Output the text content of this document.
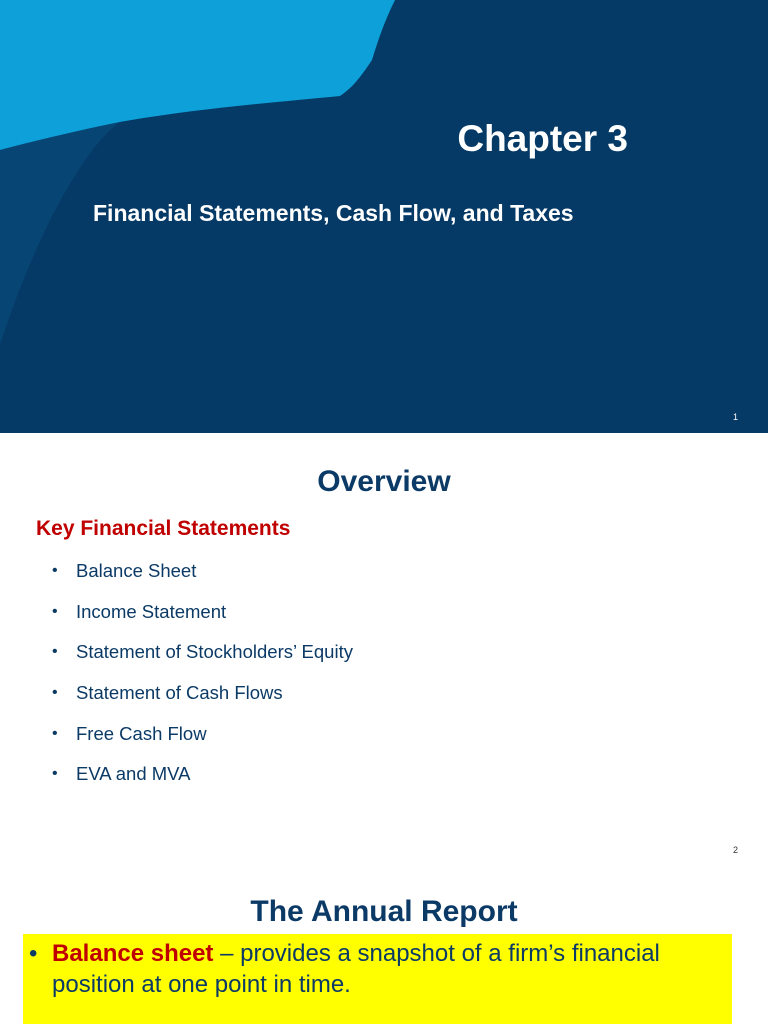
Chapter 3
Financial Statements, Cash Flow, and Taxes
1
Overview
Key Financial Statements
• Balance Sheet
• Income Statement
• Statement of Stockholders’ Equity
• Statement of Cash Flows
• Free Cash Flow
• EVA and MVA
2
The Annual Report
• Balance sheet – provides a snapshot of a firm’s financial position at one point in time.
